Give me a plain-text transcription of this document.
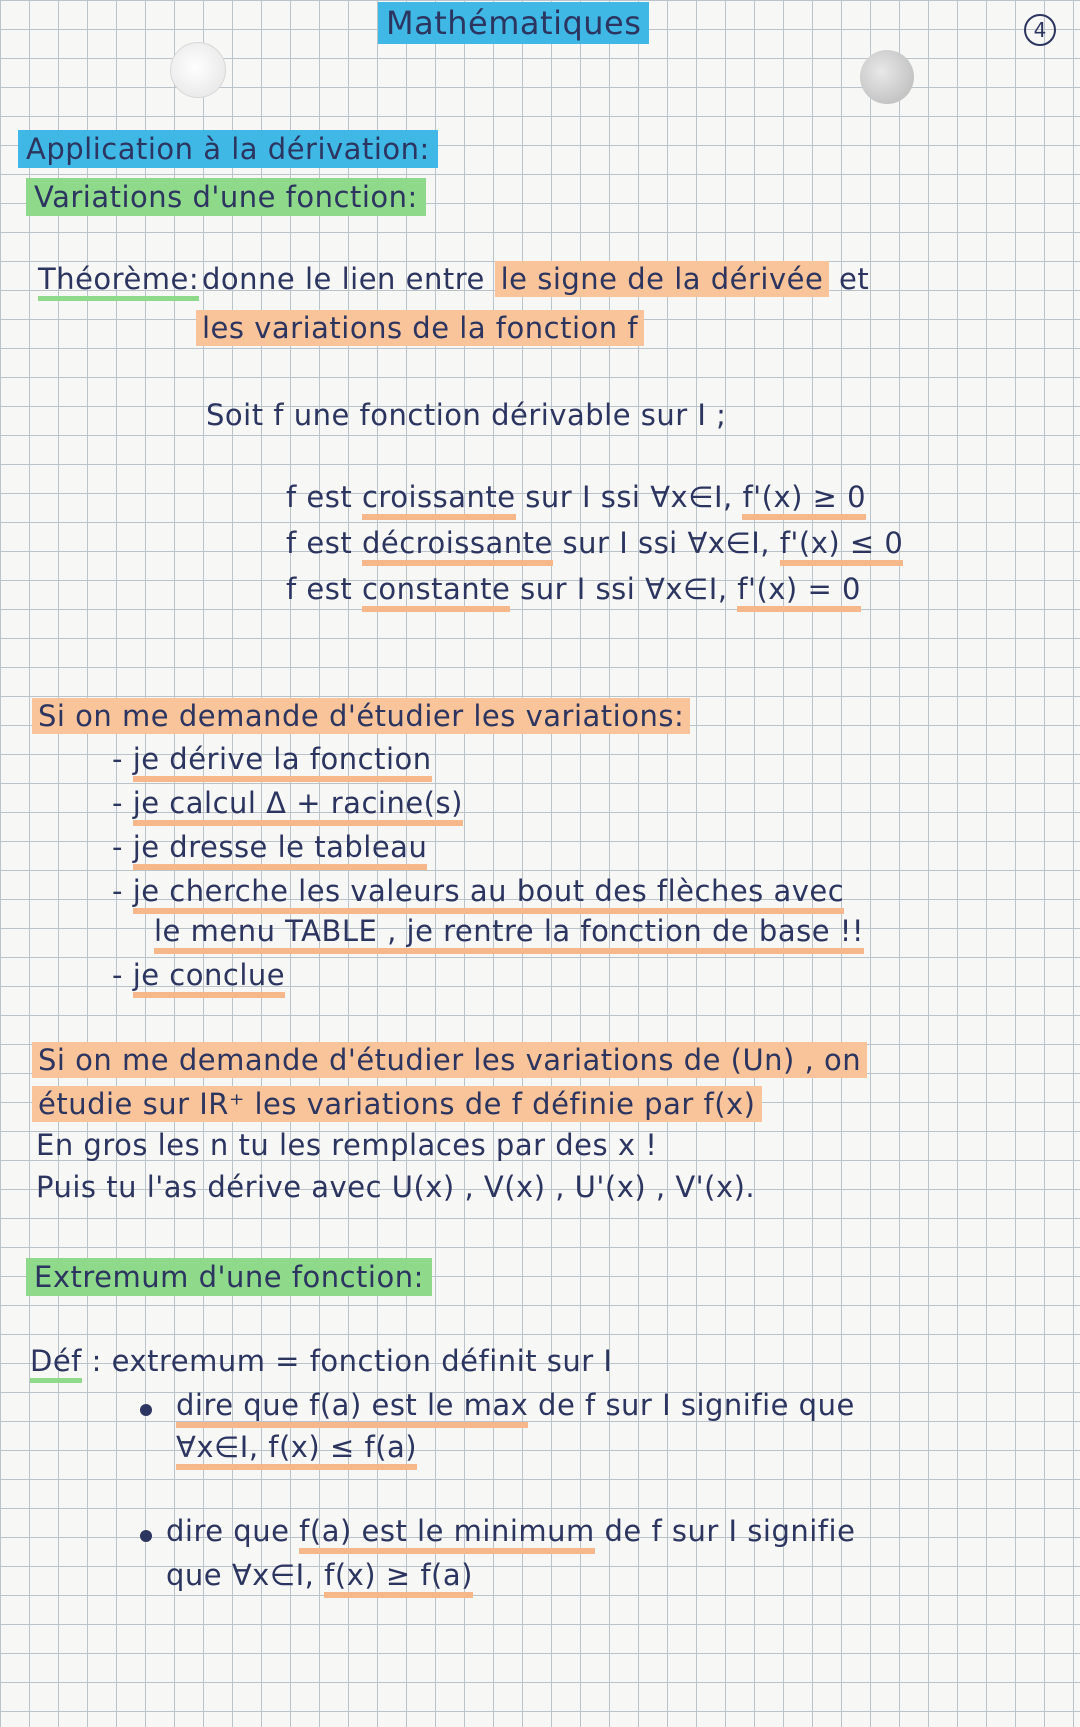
Mathématiques	4
Application à la dérivation:
Variations d'une fonction:
Théorème: donne le lien entre le signe de la dérivée et
les variations de la fonction f
Soit f une fonction dérivable sur I ;
f est croissante sur I ssi ∀x∈I, f'(x) ≥ 0
f est décroissante sur I ssi ∀x∈I, f'(x) ≤ 0
f est constante sur I ssi ∀x∈I, f'(x) = 0
Si on me demande d'étudier les variations:
- je dérive la fonction
- je calcul Δ + racine(s)
- je dresse le tableau
- je cherche les valeurs au bout des flèches avec
le menu TABLE , je rentre la fonction de base !!
- je conclue
Si on me demande d'étudier les variations de (Un) , on
étudie sur IR⁺ les variations de f définie par f(x)
En gros les n tu les remplaces par des x !
Puis tu l'as dérive avec U(x) , V(x) , U'(x) , V'(x).
Extremum d'une fonction:
Déf : extremum = fonction définit sur I
dire que f(a) est le max de f sur I signifie que
∀x∈I, f(x) ≤ f(a)
dire que f(a) est le minimum de f sur I signifie
que ∀x∈I, f(x) ≥ f(a)
